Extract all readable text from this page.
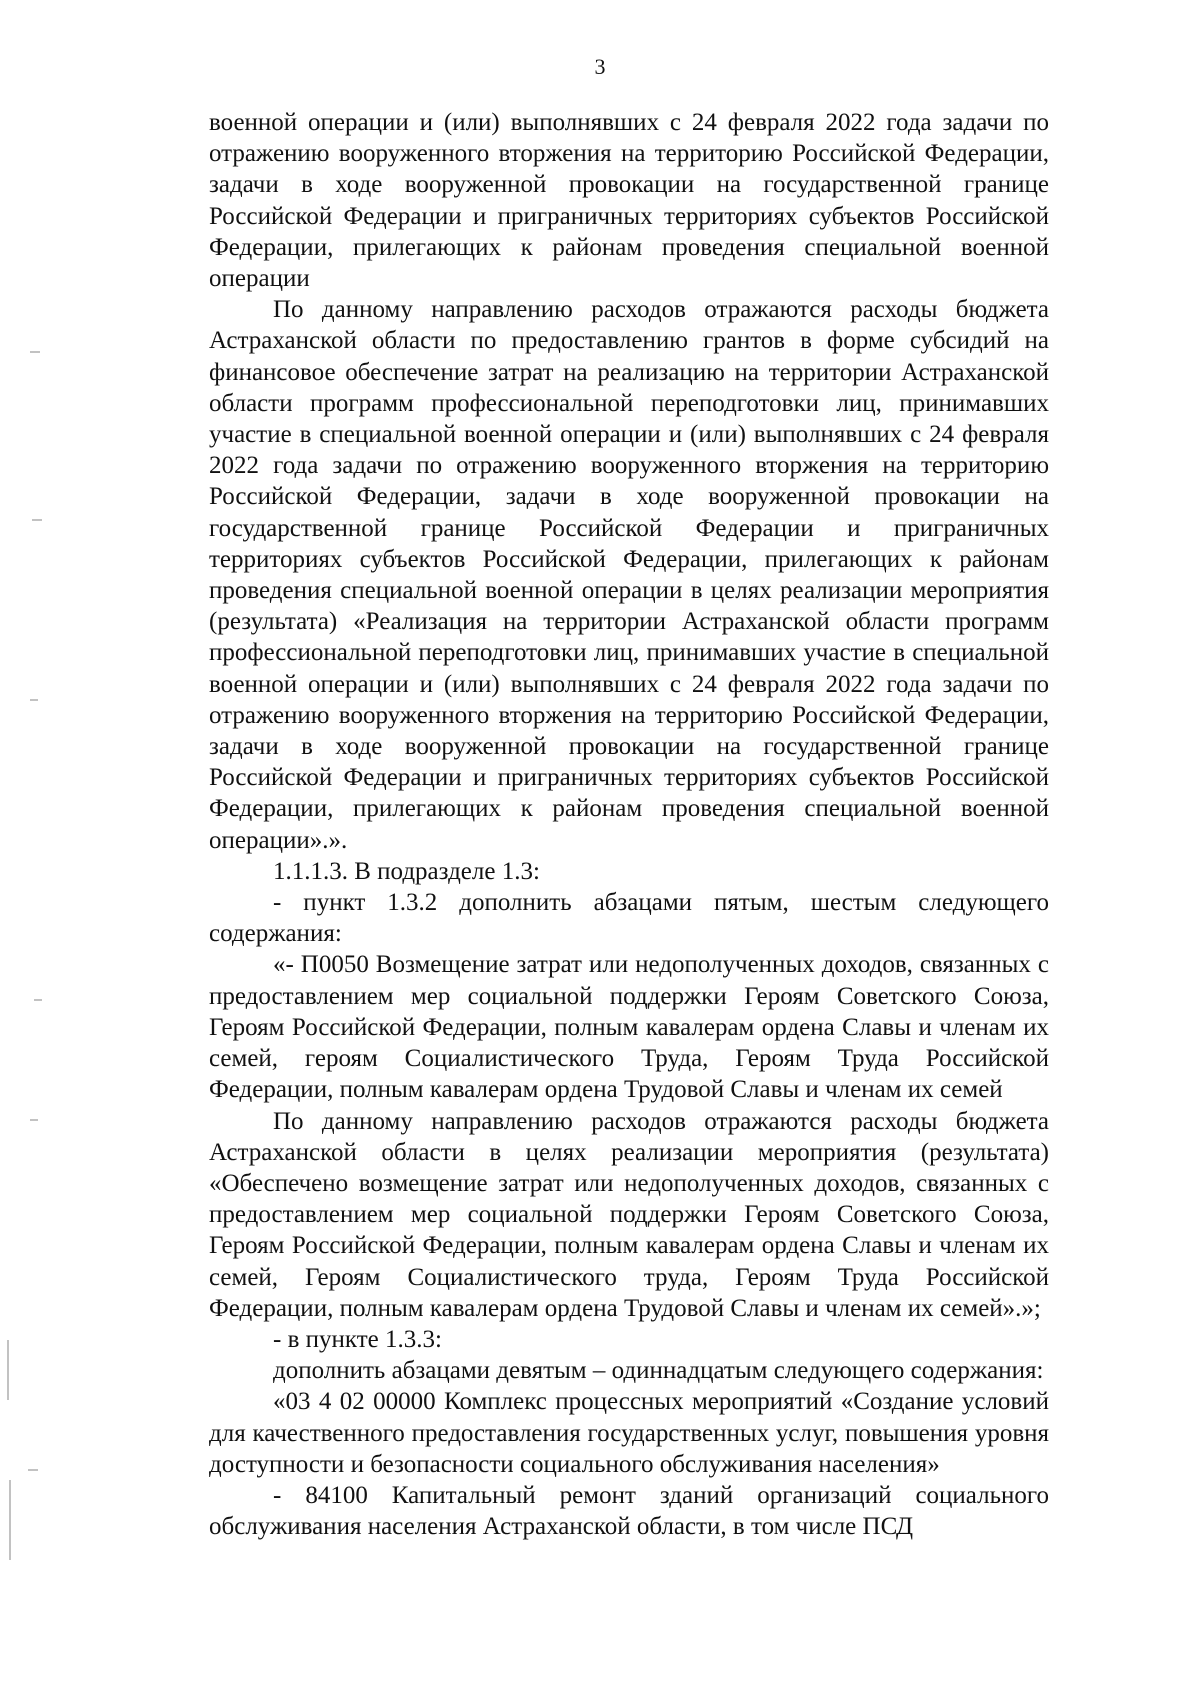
3

военной операции и (или) выполнявших с 24 февраля 2022 года задачи по отражению вооруженного вторжения на территорию Российской Федерации, задачи в ходе вооруженной провокации на государственной границе Российской Федерации и приграничных территориях субъектов Российской Федерации, прилегающих к районам проведения специальной военной операции

По данному направлению расходов отражаются расходы бюджета Астраханской области по предоставлению грантов в форме субсидий на финансовое обеспечение затрат на реализацию на территории Астраханской области программ профессиональной переподготовки лиц, принимавших участие в специальной военной операции и (или) выполнявших с 24 февраля 2022 года задачи по отражению вооруженного вторжения на территорию Российской Федерации, задачи в ходе вооруженной провокации на государственной границе Российской Федерации и приграничных территориях субъектов Российской Федерации, прилегающих к районам проведения специальной военной операции в целях реализации мероприятия (результата) «Реализация на территории Астраханской области программ профессиональной переподготовки лиц, принимавших участие в специальной военной операции и (или) выполнявших с 24 февраля 2022 года задачи по отражению вооруженного вторжения на территорию Российской Федерации, задачи в ходе вооруженной провокации на государственной границе Российской Федерации и приграничных территориях субъектов Российской Федерации, прилегающих к районам проведения специальной военной операции».».

1.1.1.3. В подразделе 1.3:

- пункт 1.3.2 дополнить абзацами пятым, шестым следующего содержания:

«- П0050 Возмещение затрат или недополученных доходов, связанных с предоставлением мер социальной поддержки Героям Советского Союза, Героям Российской Федерации, полным кавалерам ордена Славы и членам их семей, героям Социалистического Труда, Героям Труда Российской Федерации, полным кавалерам ордена Трудовой Славы и членам их семей

По данному направлению расходов отражаются расходы бюджета Астраханской области в целях реализации мероприятия (результата) «Обеспечено возмещение затрат или недополученных доходов, связанных с предоставлением мер социальной поддержки Героям Советского Союза, Героям Российской Федерации, полным кавалерам ордена Славы и членам их семей, Героям Социалистического труда, Героям Труда Российской Федерации, полным кавалерам ордена Трудовой Славы и членам их семей».»;

- в пункте 1.3.3:

дополнить абзацами девятым – одиннадцатым следующего содержания:

«03 4 02 00000 Комплекс процессных мероприятий «Создание условий для качественного предоставления государственных услуг, повышения уровня доступности и безопасности социального обслуживания населения»

- 84100 Капитальный ремонт зданий организаций социального обслуживания населения Астраханской области, в том числе ПСД
